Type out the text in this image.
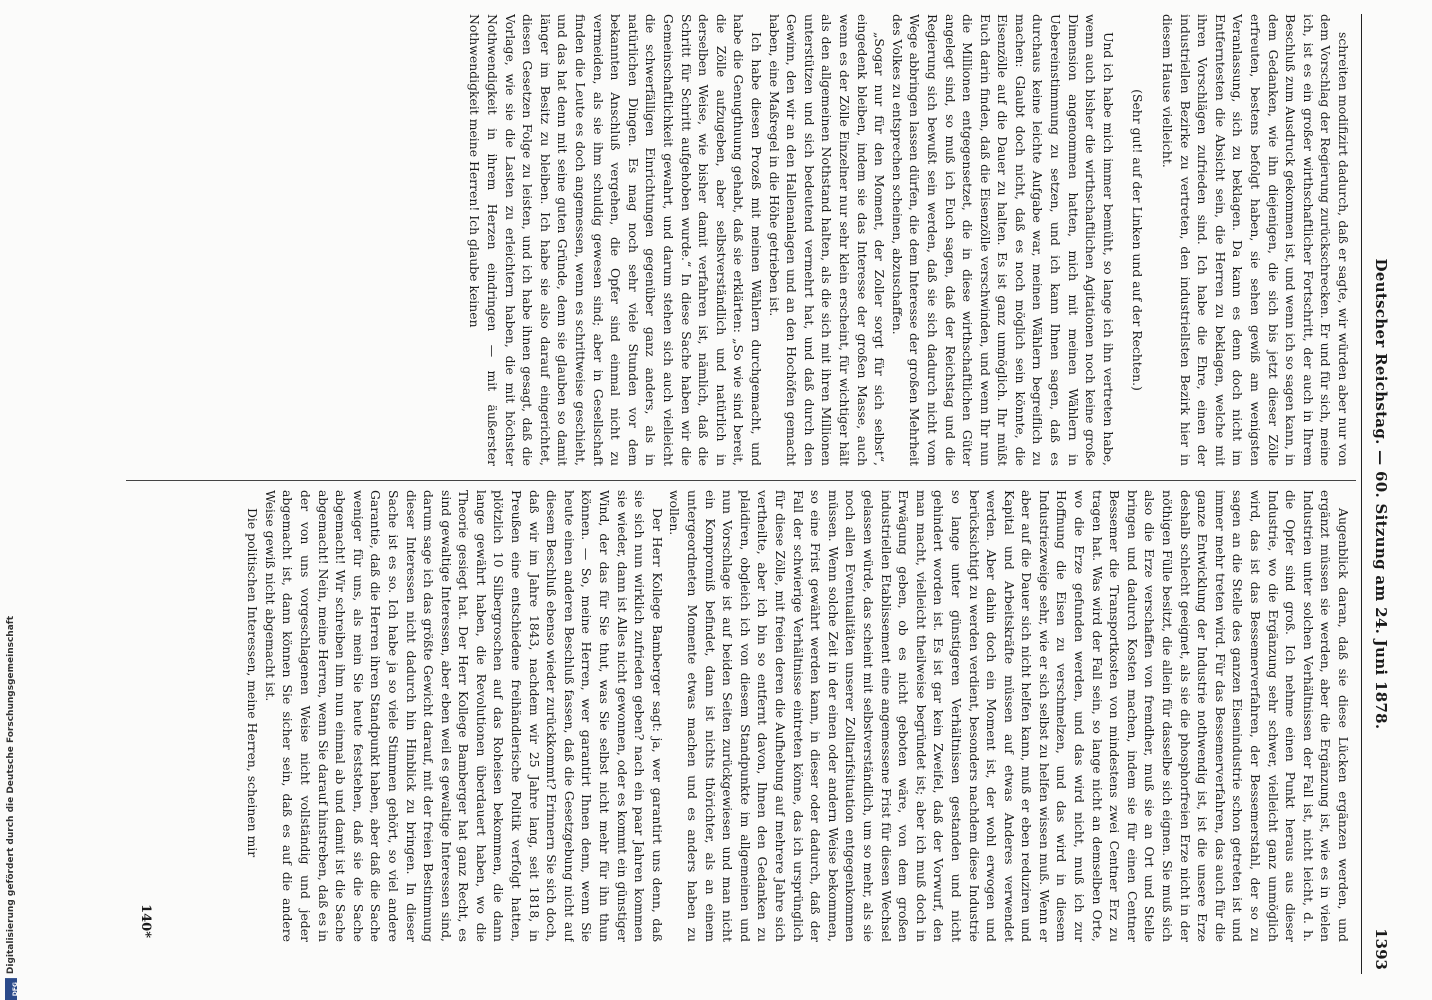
DFG
Digitalisierung gefördert durch die Deutsche Forschungsgemeinschaft
Deutscher Reichstag. — 60. Sitzung am 24. Juni 1878.
1393

schreiten modifizirt dadurch, daß er sagte, wir würden aber nur von dem Vorschlag der Regierung zurückschrecken. Er und für sich, meine ich, ist es ein großer wirthschaftlicher Fortschritt, der auch in Ihrem Beschluß zum Ausdruck gekommen ist, und wenn ich so sagen kann, in dem Gedanken, wie ihn diejenigen, die sich bis jetzt dieser Zölle erfreuten, bestens befolgt haben, sie sehen gewiß am wenigsten Veranlassung, sich zu beklagen. Da kann es denn doch nicht im Entferntesten die Absicht sein, die Herren zu beklagen, welche mit ihren Vorschlägen zufrieden sind. Ich habe die Ehre, einen der industriellen Bezirke zu vertreten, den industriellsten Bezirk hier in diesem Hause vielleicht.

(Sehr gut! auf der Linken und auf der Rechten.)

Und ich habe mich immer bemüht, so lange ich ihn vertreten habe, wenn auch bisher die wirthschaftlichen Agitationen noch keine große Dimension angenommen hatten, mich mit meinen Wählern in Uebereinstimmung zu setzen, und ich kann Ihnen sagen, daß es durchaus keine leichte Aufgabe war, meinen Wählern begreiflich zu machen: Glaubt doch nicht, daß es noch möglich sein könnte, die Eisenzölle auf die Dauer zu halten. Es ist ganz unmöglich. Ihr müßt Euch darin finden, daß die Eisenzölle verschwinden, und wenn Ihr nun die Millionen entgegensetzet, die in diese wirthschaftlichen Güter angelegt sind, so muß ich Euch sagen, daß der Reichstag und die Regierung sich bewußt sein werden, daß sie sich dadurch nicht vom Wege abbringen lassen dürfen, die dem Interesse der großen Mehrheit des Volkes zu entsprechen scheinen, abzuschaffen.

„Sogar nur für den Moment, der Zoller sorgt für sich selbst“, eingedenk bleiben, indem sie das Interesse der großen Masse, auch wenn es der Zölle Einzelner nur sehr klein erscheint, für wichtiger hält als den allgemeinen Nothstand halten, als die sich mit ihren Millionen unterstützen und sich bedeutend vermehrt hat, und daß durch den Gewinn, den wir an den Hallenanlagen und an den Hochöfen gemacht haben, eine Maßregel in die Höhe getrieben ist.

Ich habe diesen Prozeß mit meinen Wählern durchgemacht, und habe die Genugthuung gehabt, daß sie erklärten: „So wie sind bereit, die Zölle aufzugeben, aber selbstverständlich und natürlich in derselben Weise, wie bisher damit verfahren ist, nämlich, daß die Schritt für Schritt aufgehoben wurde.“ In diese Sache haben wir die Gemeinschaftlichkeit gewahrt, und darum stehen sich auch vielleicht die schwerfälligen Einrichtungen gegenüber ganz anders, als in natürlichen Dingen. Es mag noch sehr viele Stunden vor dem bekannten Anschluß vergehen, die Opfer sind einmal nicht zu vermeiden, als sie ihm schuldig gewesen sind; aber in Gesellschaft finden die Leute es doch angemessen, wenn es schrittweise geschieht, und das hat denn mit seine guten Gründe, denn sie glauben so damit länger im Besitz zu bleiben. Ich habe sie also darauf eingerichtet, diesen Gesetzen Folge zu leisten, und ich habe ihnen gesagt, daß die Vorlage, wie sie die Lasten zu erleichtern haben, die mit höchster Nothwendigkeit in ihrem Herzen eindringen — mit äußerster Nothwendigkeit meine Herren! Ich glaube keinen

Augenblick daran, daß sie diese Lücken ergänzen werden, und ergänzt müssen sie werden, aber die Ergänzung ist, wie es in vielen Industrien unter solchen Verhältnissen der Fall ist, nicht leicht, d. h. die Opfer sind groß. Ich nehme einen Punkt heraus aus dieser Industrie, wo die Ergänzung sehr schwer, vielleicht ganz unmöglich wird, das ist das Bessemerverfahren, der Bessemerstahl, der so zu sagen an die Stelle des ganzen Eisenindustrie schon getreten ist und immer mehr treten wird. Für das Bessemerverfahren, das auch für die ganze Entwicklung der Industrie nothwendig ist, ist die unsere Erze deshalb schlecht geeignet, als sie die phosphorfreien Erze nicht in der nöthigen Fülle besitzt, die allein für dasselbe sich eignen. Sie muß sich also die Erze verschaffen von fremdher, muß sie an Ort und Stelle bringen und dadurch Kosten machen, indem sie für einen Centner Bessemer die Transportkosten von mindestens zwei Centner Erz zu tragen hat. Was wird der Fall sein, so lange nicht an demselben Orte, wo die Erze gefunden werden, und das wird nicht, muß ich zur Hoffnung die Eisen zu verschmelzen, und das wird in diesem Industriezweige sehr, wie er sich selbst zu helfen wissen muß. Wenn er aber auf die Dauer sich nicht helfen kann, muß er eben reduziren und Kapital und Arbeitskräfte müssen auf etwas Anderes verwendet werden. Aber dahin doch ein Moment ist, der wohl erwogen und berücksichtigt zu werden verdient, besonders nachdem diese Industrie so lange unter günstigeren Verhältnissen gestanden und nicht gehindert worden ist. Es ist gar kein Zweifel, daß der Vorwurf, den man macht, vielleicht theilweise begründet ist; aber ich muß doch in Erwägung geben, ob es nicht geboten wäre, von dem großen industriellen Etablissement eine angemessene Frist für diesen Wechsel gelassen würde, das scheint mit selbstverständlich, um so mehr, als sie noch allen Eventualitäten unserer Zolltarifsituation entgegenkommen müssen. Wenn solche Zeit in der einen oder andern Weise bekommen, so eine Frist gewährt werden kann, in dieser oder dadurch, daß der Fall der schwierige Verhältnisse eintreten könne, das ich ursprünglich für diese Zölle, mit freien deren die Aufhebung auf mehrere Jahre sich vertheilte, aber ich bin so entfernt davon, Ihnen den Gedanken zu plaidiren, obgleich ich von diesem Standpunkte im allgemeinen und nun Vorschlage ist auf beiden Seiten zurückgewiesen und man nicht ein Kompromiß befindet, dann ist nichts thörichter, als an einem untergeordneten Momente etwas machen und es anders haben zu wollen.

Der Herr Kollege Bamberger sagt: ja, wer garantirt uns denn, daß sie sich nun wirklich zufrieden geben? nach ein paar Jahren kommen sie wieder, dann ist Alles nicht gewonnen, oder es kommt ein günstiger Wind, der das für Sie thut, was Sie selbst nicht mehr für ihn thun können. — So, meine Herren, wer garantirt Ihnen denn, wenn Sie heute einen anderen Beschluß fassen, daß die Gesetzgebung nicht auf diesem Beschluß ebenso wieder zurückkommt? Erinnern Sie sich doch, daß wir im Jahre 1843, nachdem wir 25 Jahre lang, seit 1818, in Preußen eine entschiedene freihändlerische Politik verfolgt hatten, plötzlich 10 Silbergroschen auf das Roheisen bekommen, die dann lange gewährt haben, die Revolutionen überdauert haben, wo die Theorie gesiegt hat. Der Herr Kollege Bamberger hat ganz Recht, es sind gewaltige Interessen, aber eben weil es gewaltige Interessen sind, darum sage ich das größte Gewicht darauf, mit der freien Bestimmung dieser Interessen nicht dadurch hin Hinblick zu bringen. In dieser Sache ist es so. Ich habe ja so viele Stimmen gehört, so viel andere Garantie, daß die Herren ihren Standpunkt haben, aber daß die Sache weniger für uns, als mein Sie heute feststehen, daß sie die Sache abgemacht! Wir schreiben ihm nun einmal ab und damit ist die Sache abgemacht! Nein, meine Herren, wenn Sie darauf hinstreben, daß es in der von uns vorgeschlagenen Weise nicht vollständig und jeder abgemacht ist, dann können Sie sicher sein, daß es auf die andere Weise gewiß nicht abgemacht ist.

Die politischen Interessen, meine Herren, scheinen mir

140*
